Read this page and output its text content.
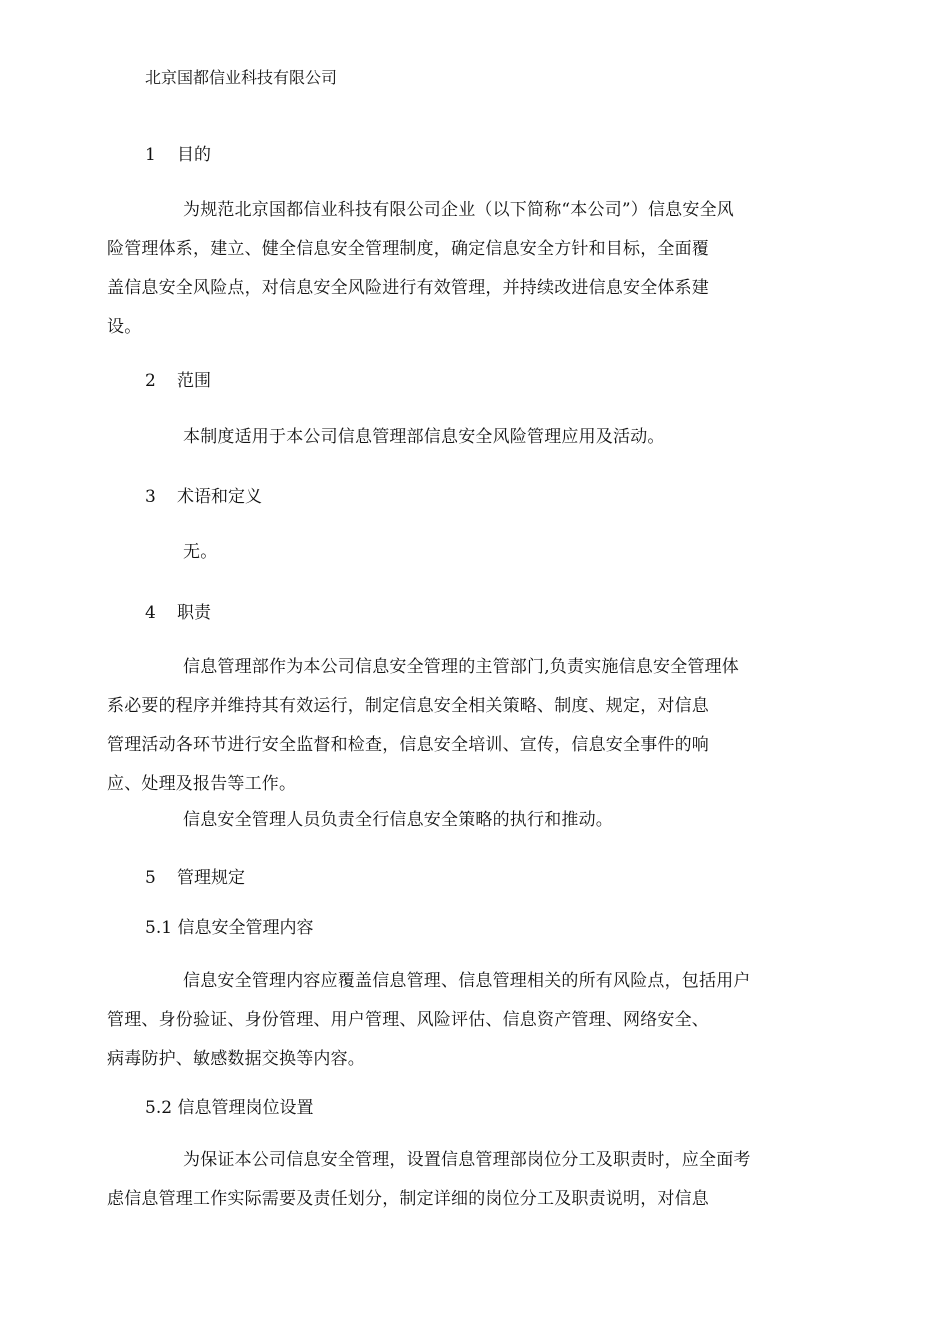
北京国都信业科技有限公司
1 目的

为规范北京国都信业科技有限公司企业（以下简称“本公司”）信息安全风
险管理体系，建立、健全信息安全管理制度，确定信息安全方针和目标，全面覆
盖信息安全风险点，对信息安全风险进行有效管理，并持续改进信息安全体系建
设。

2 范围

本制度适用于本公司信息管理部信息安全风险管理应用及活动。

3 术语和定义

无。

4 职责

信息管理部作为本公司信息安全管理的主管部门,负责实施信息安全管理体
系必要的程序并维持其有效运行，制定信息安全相关策略、制度、规定，对信息
管理活动各环节进行安全监督和检查，信息安全培训、宣传，信息安全事件的响
应、处理及报告等工作。

信息安全管理人员负责全行信息安全策略的执行和推动。

5 管理规定
5.1 信息安全管理内容

信息安全管理内容应覆盖信息管理、信息管理相关的所有风险点，包括用户
管理、身份验证、身份管理、用户管理、风险评估、信息资产管理、网络安全、
病毒防护、敏感数据交换等内容。

5.2 信息管理岗位设置

为保证本公司信息安全管理，设置信息管理部岗位分工及职责时，应全面考
虑信息管理工作实际需要及责任划分，制定详细的岗位分工及职责说明，对信息
